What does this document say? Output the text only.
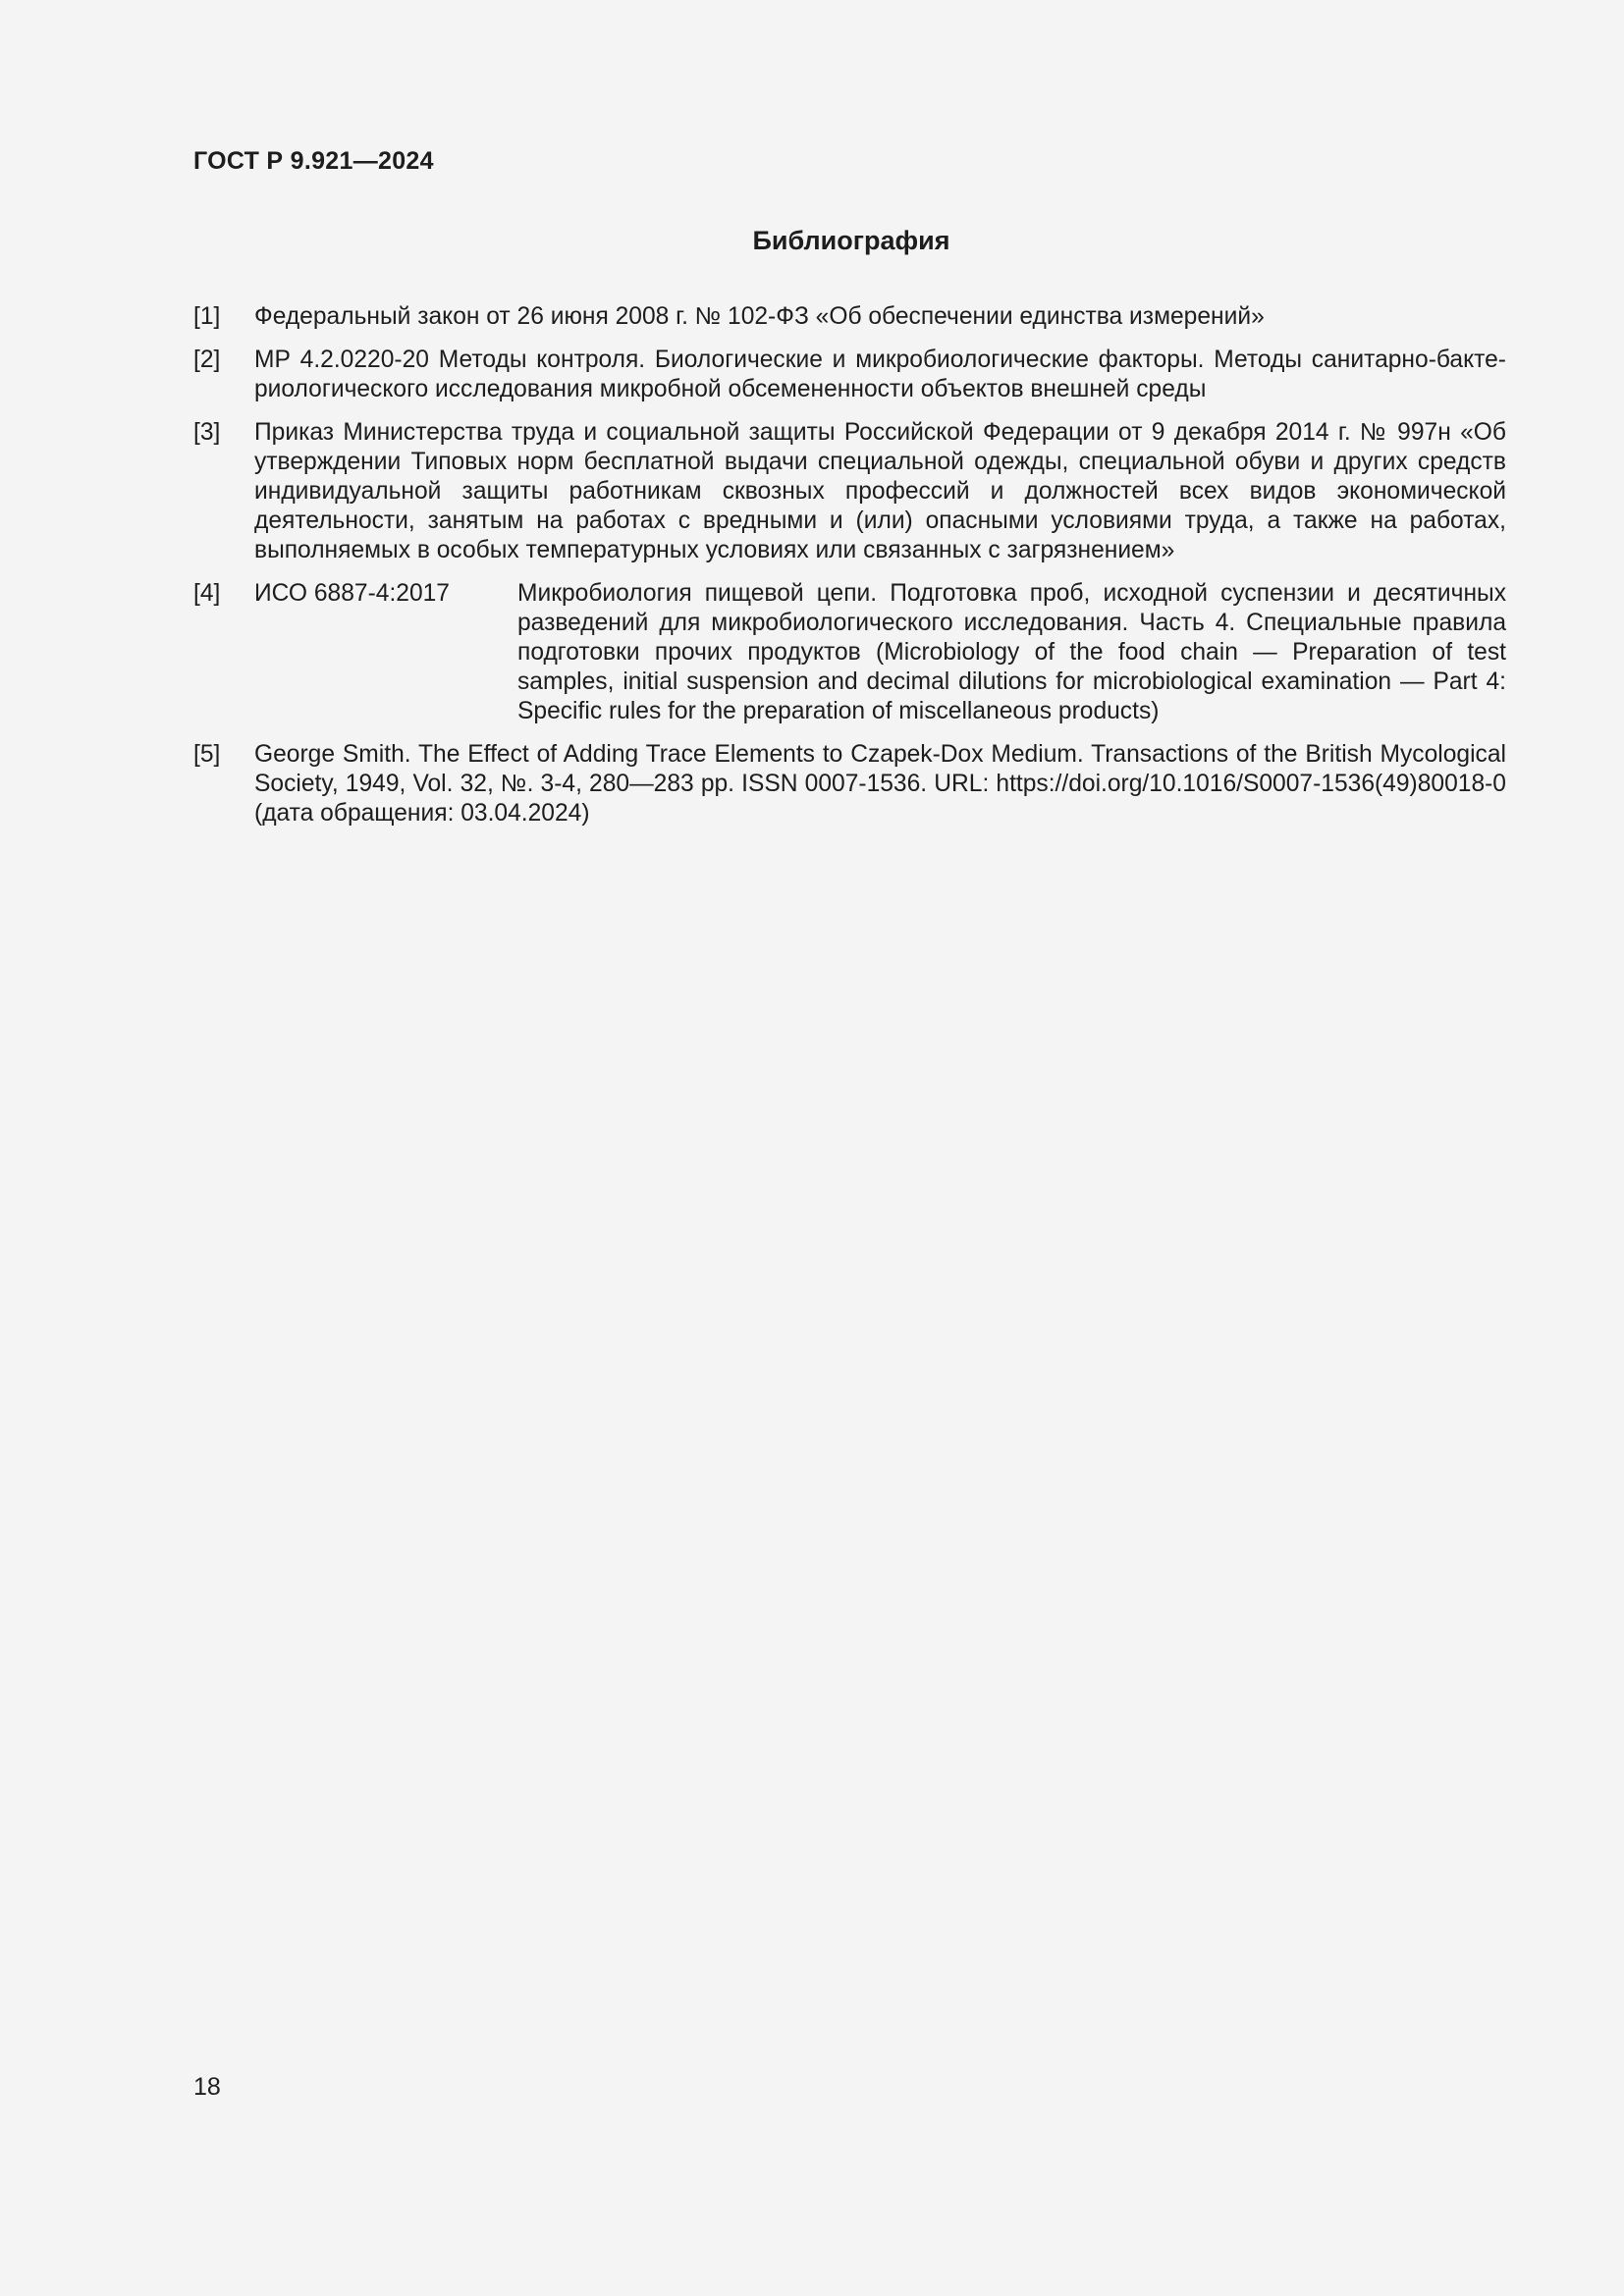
ГОСТ Р 9.921—2024
Библиография
[1]	Федеральный закон от 26 июня 2008 г. № 102-ФЗ «Об обеспечении единства измерений»
[2]	МР 4.2.0220-20 Методы контроля. Биологические и микробиологические факторы. Методы санитарно-бактериологического исследования микробной обсемененности объектов внешней среды
[3]	Приказ Министерства труда и социальной защиты Российской Федерации от 9 декабря 2014 г. № 997н «Об утверждении Типовых норм бесплатной выдачи специальной одежды, специальной обуви и других средств индивидуальной защиты работникам сквозных профессий и должностей всех видов экономической деятельности, занятым на работах с вредными и (или) опасными условиями труда, а также на работах, выполняемых в особых температурных условиях или связанных с загрязнением»
[4]	ИСО 6887-4:2017	Микробиология пищевой цепи. Подготовка проб, исходной суспензии и десятичных разведений для микробиологического исследования. Часть 4. Специальные правила подготовки прочих продуктов (Microbiology of the food chain — Preparation of test samples, initial suspension and decimal dilutions for microbiological examination — Part 4: Specific rules for the preparation of miscellaneous products)
[5]	George Smith. The Effect of Adding Trace Elements to Czapek-Dox Medium. Transactions of the British Mycological Society, 1949, Vol. 32, №. 3-4, 280—283 pp. ISSN 0007-1536. URL: https://doi.org/10.1016/S0007-1536(49)80018-0 (дата обращения: 03.04.2024)
18
